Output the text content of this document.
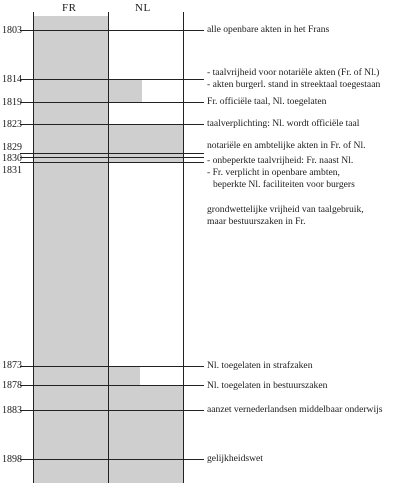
FR	NL
1803
1814
1819
1823
1829
1830
1831
1873
1878
1883
1898
alle openbare akten in het Frans
- taalvrijheid voor notariële akten (Fr. of Nl.)
- akten burgerl. stand in streektaal toegestaan
Fr. officiële taal, Nl. toegelaten
taalverplichting: Nl. wordt officiële taal
notariële en ambtelijke akten in Fr. of Nl.
- onbeperkte taalvrijheid: Fr. naast Nl.
- Fr. verplicht in openbare ambten,
beperkte Nl. faciliteiten voor burgers
grondwettelijke vrijheid van taalgebruik,
maar bestuurszaken in Fr.
Nl. toegelaten in strafzaken
Nl. toegelaten in bestuurszaken
aanzet vernederlandsen middelbaar onderwijs
gelijkheidswet
